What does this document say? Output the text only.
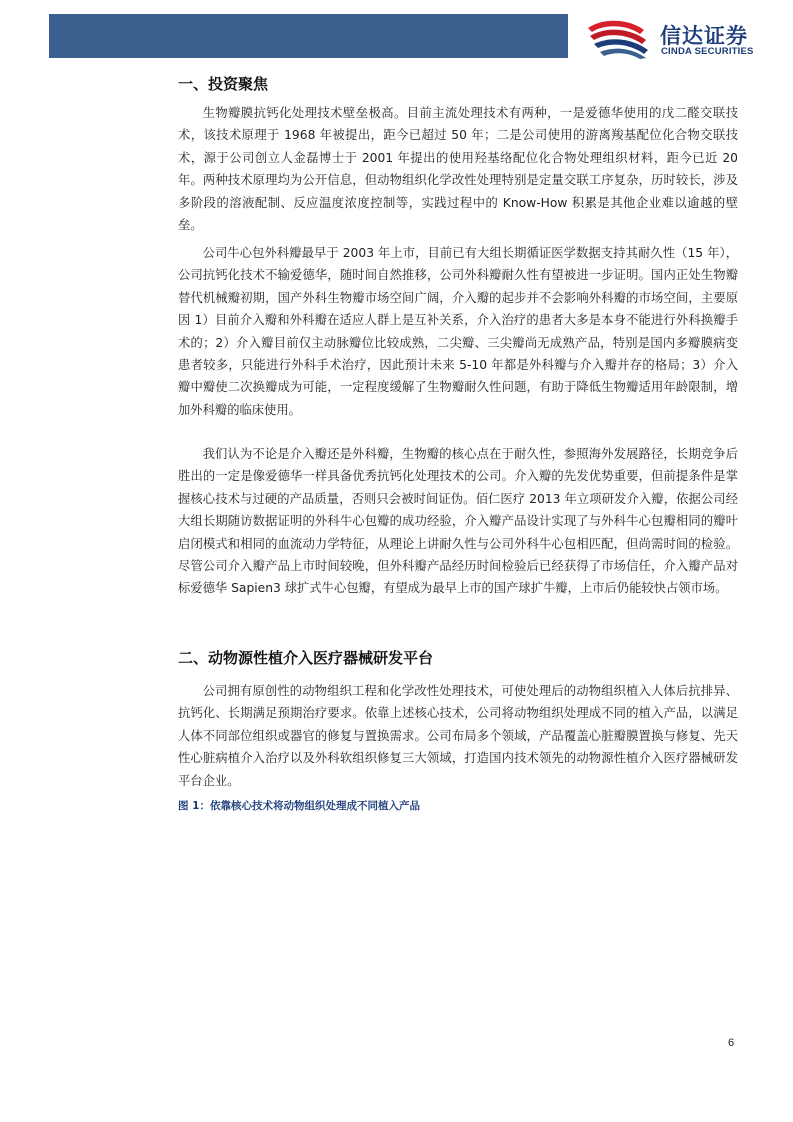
信达证券
CINDA SECURITIES
一、投资聚焦

生物瓣膜抗钙化处理技术壁垒极高。目前主流处理技术有两种，一是爱德华使用的戊二醛交联技术，该技术原理于 1968 年被提出，距今已超过 50 年；二是公司使用的游离羧基配位化合物交联技术，源于公司创立人金磊博士于 2001 年提出的使用羟基络配位化合物处理组织材料，距今已近 20 年。两种技术原理均为公开信息，但动物组织化学改性处理特别是定量交联工序复杂，历时较长，涉及多阶段的溶液配制、反应温度浓度控制等，实践过程中的 Know-How 积累是其他企业难以逾越的壁垒。

公司牛心包外科瓣最早于 2003 年上市，目前已有大组长期循证医学数据支持其耐久性（15 年），公司抗钙化技术不输爱德华，随时间自然推移，公司外科瓣耐久性有望被进一步证明。国内正处生物瓣替代机械瓣初期，国产外科生物瓣市场空间广阔，介入瓣的起步并不会影响外科瓣的市场空间，主要原因 1）目前介入瓣和外科瓣在适应人群上是互补关系，介入治疗的患者大多是本身不能进行外科换瓣手术的；2）介入瓣目前仅主动脉瓣位比较成熟，二尖瓣、三尖瓣尚无成熟产品，特别是国内多瓣膜病变患者较多，只能进行外科手术治疗，因此预计未来 5-10 年都是外科瓣与介入瓣并存的格局；3）介入瓣中瓣使二次换瓣成为可能，一定程度缓解了生物瓣耐久性问题，有助于降低生物瓣适用年龄限制，增加外科瓣的临床使用。

我们认为不论是介入瓣还是外科瓣，生物瓣的核心点在于耐久性，参照海外发展路径，长期竞争后胜出的一定是像爱德华一样具备优秀抗钙化处理技术的公司。介入瓣的先发优势重要，但前提条件是掌握核心技术与过硬的产品质量，否则只会被时间证伪。佰仁医疗 2013 年立项研发介入瓣，依据公司经大组长期随访数据证明的外科牛心包瓣的成功经验，介入瓣产品设计实现了与外科牛心包瓣相同的瓣叶启闭模式和相同的血流动力学特征，从理论上讲耐久性与公司外科牛心包相匹配，但尚需时间的检验。尽管公司介入瓣产品上市时间较晚，但外科瓣产品经历时间检验后已经获得了市场信任，介入瓣产品对标爱德华 Sapien3 球扩式牛心包瓣，有望成为最早上市的国产球扩牛瓣，上市后仍能较快占领市场。

二、动物源性植介入医疗器械研发平台

公司拥有原创性的动物组织工程和化学改性处理技术，可使处理后的动物组织植入人体后抗排异、抗钙化、长期满足预期治疗要求。依靠上述核心技术，公司将动物组织处理成不同的植入产品，以满足人体不同部位组织或器官的修复与置换需求。公司布局多个领域，产品覆盖心脏瓣膜置换与修复、先天性心脏病植介入治疗以及外科软组织修复三大领域，打造国内技术领先的动物源性植介入医疗器械研发平台企业。

图 1：依靠核心技术将动物组织处理成不同植入产品
6
